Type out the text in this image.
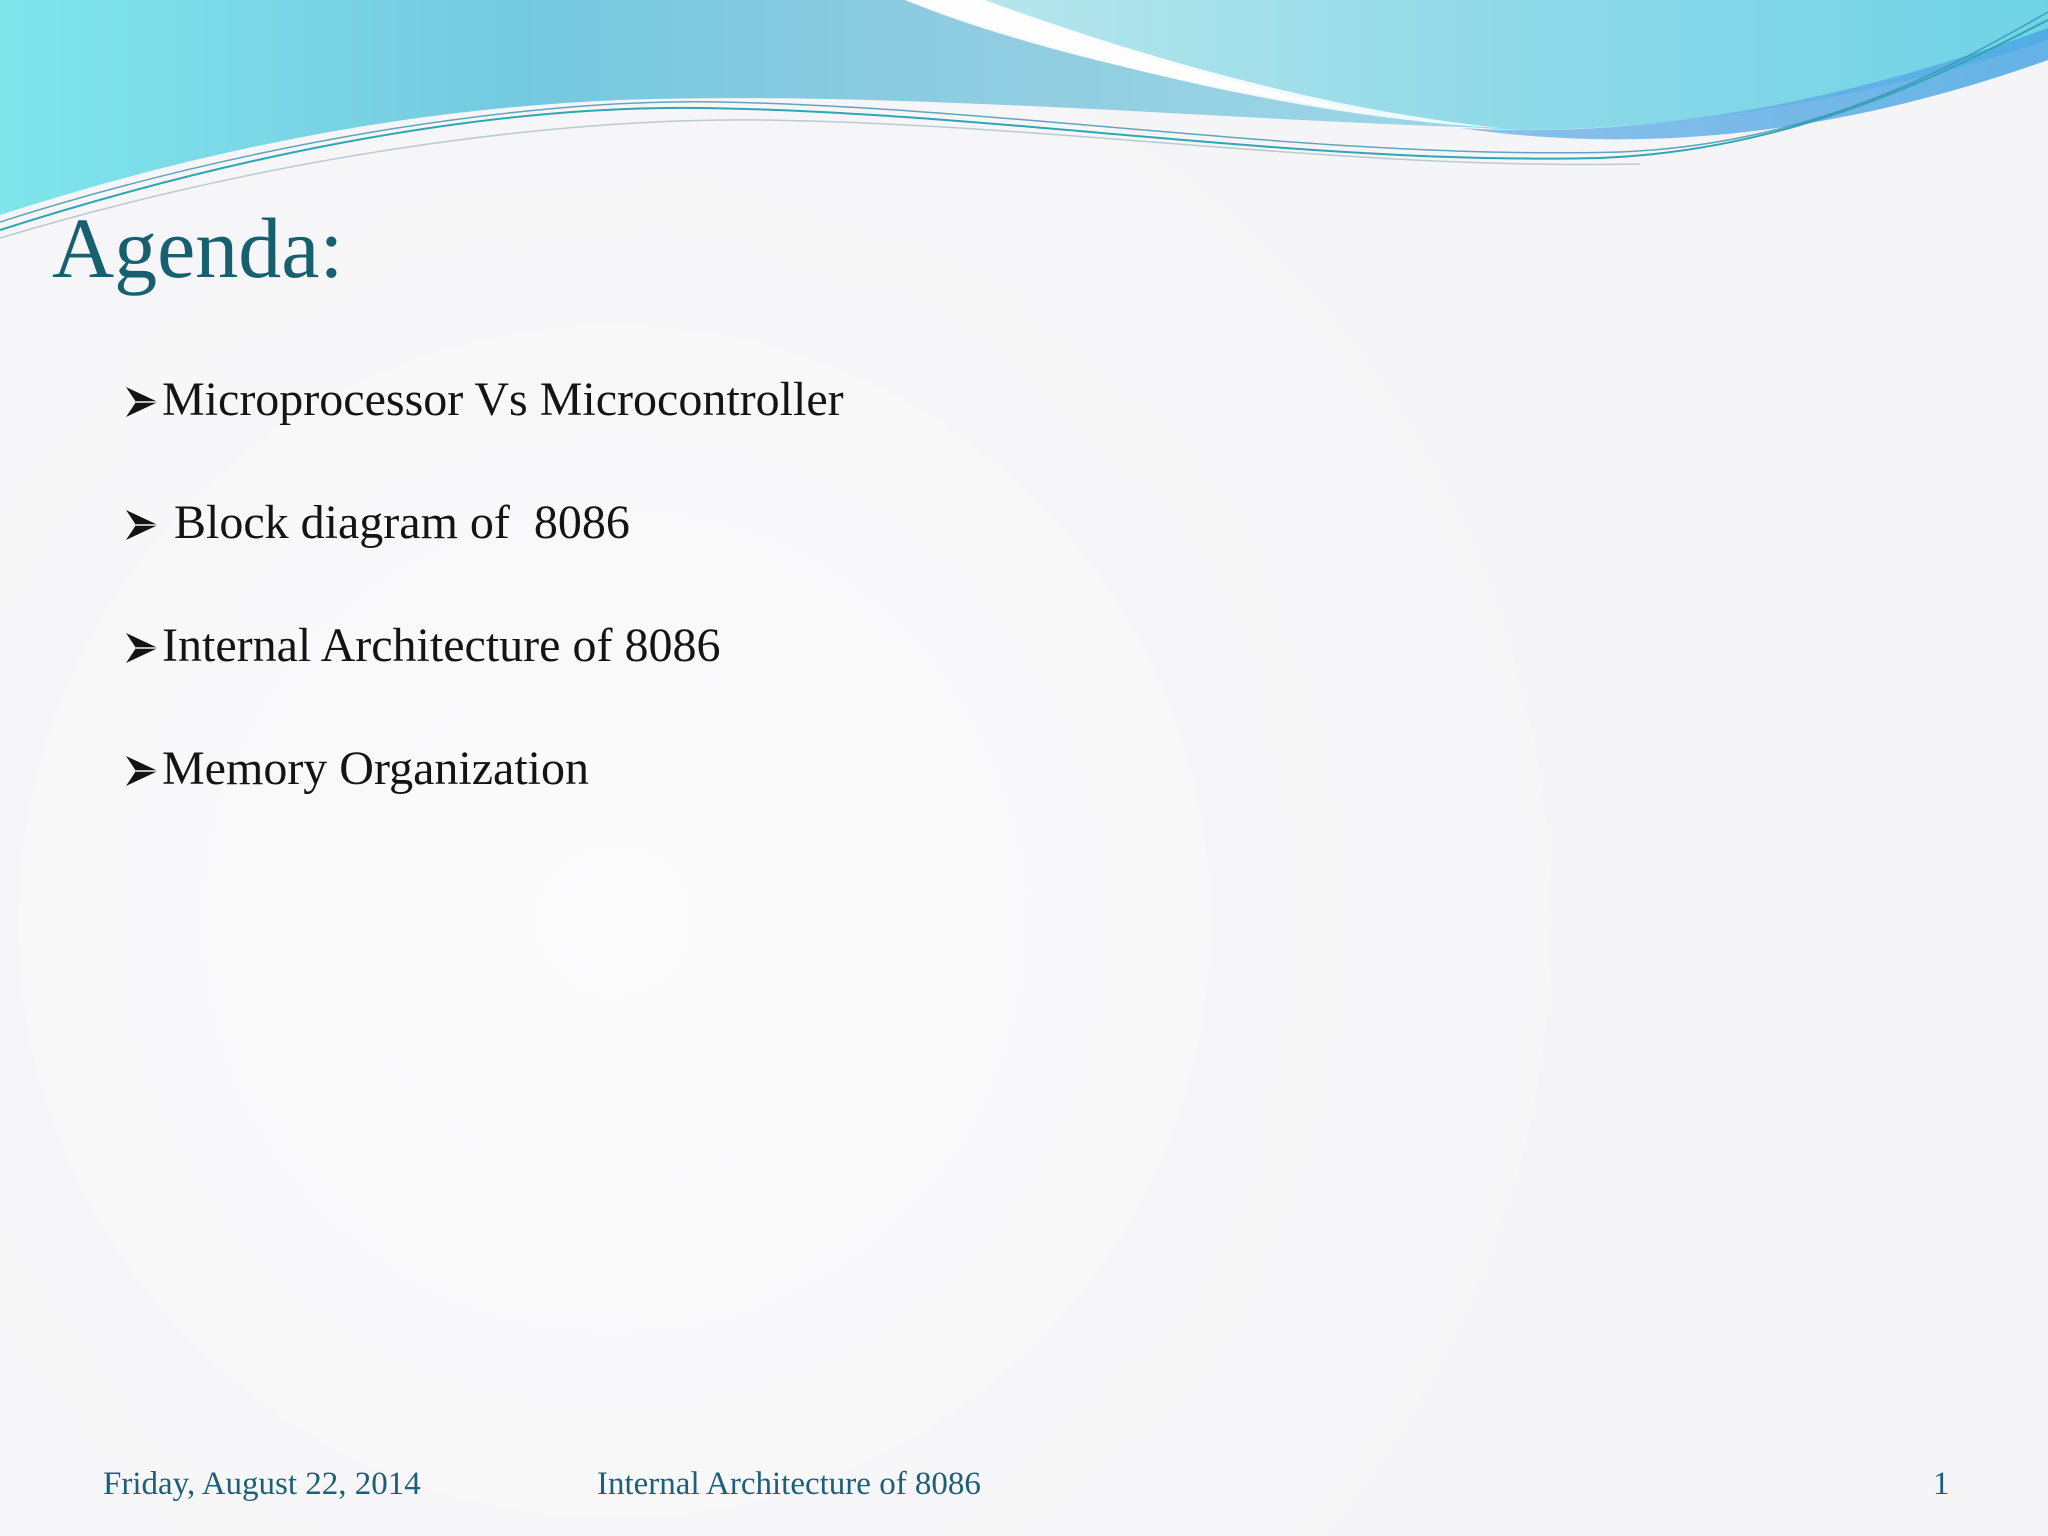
Agenda:

Microprocessor Vs Microcontroller

Block diagram of  8086

Internal Architecture of 8086

Memory Organization
Friday, August 22, 2014	Internal Architecture of 8086	1
